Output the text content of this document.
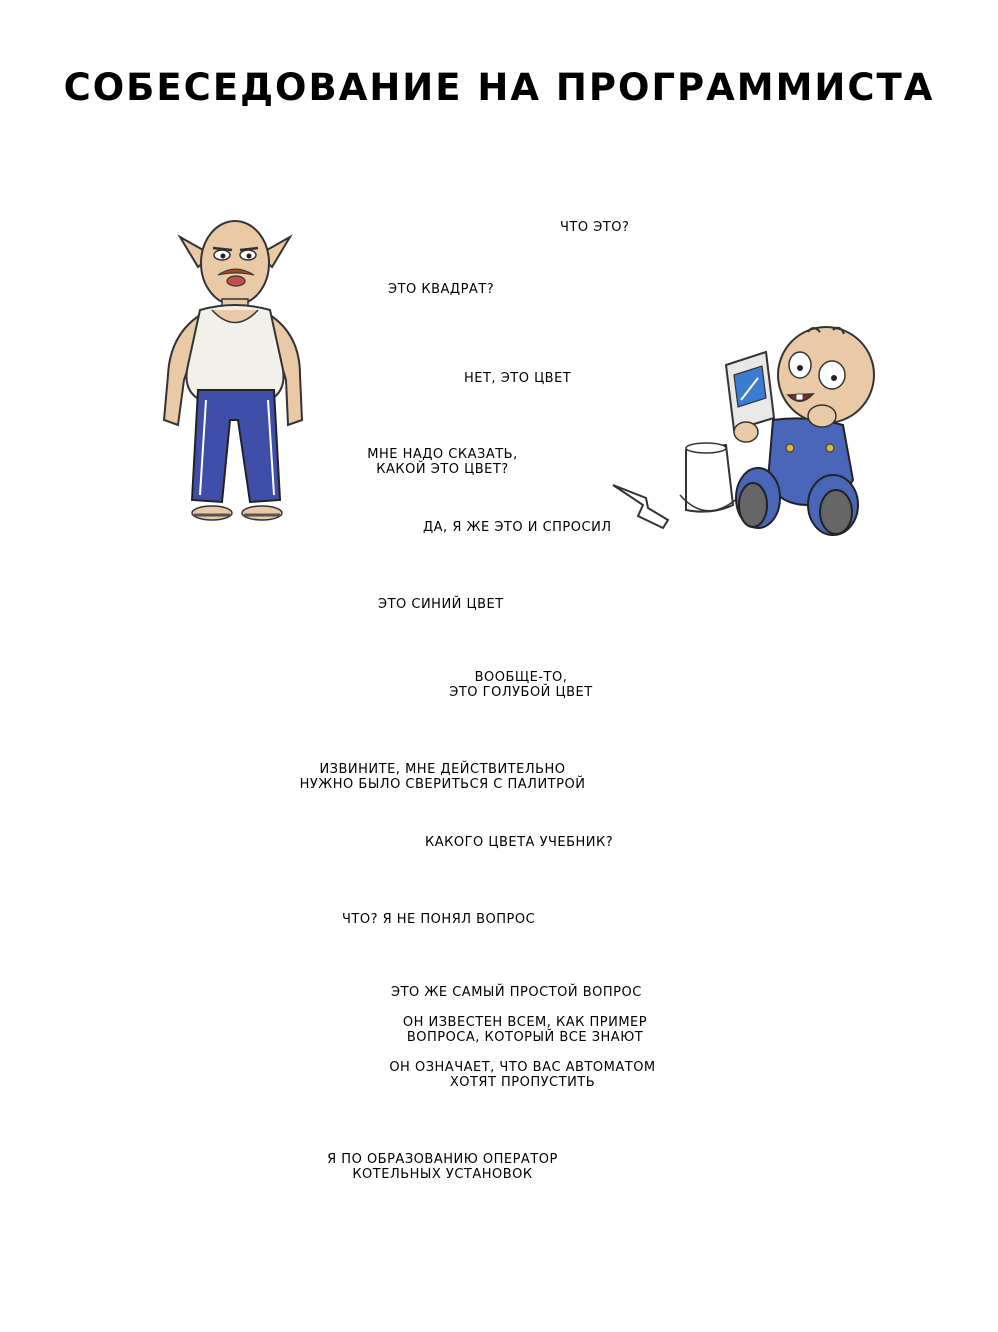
СОБЕСЕДОВАНИЕ НА ПРОГРАММИСТА
ЧТО ЭТО?
ЭТО КВАДРАТ?
НЕТ, ЭТО ЦВЕТ
МНЕ НАДО СКАЗАТЬ,
КАКОЙ ЭТО ЦВЕТ?
ДА, Я ЖЕ ЭТО И СПРОСИЛ
ЭТО СИНИЙ ЦВЕТ
ВООБЩЕ-ТО,
ЭТО ГОЛУБОЙ ЦВЕТ
ИЗВИНИТЕ, МНЕ ДЕЙСТВИТЕЛЬНО
НУЖНО БЫЛО СВЕРИТЬСЯ С ПАЛИТРОЙ
КАКОГО ЦВЕТА УЧЕБНИК?
ЧТО? Я НЕ ПОНЯЛ ВОПРОС
ЭТО ЖЕ САМЫЙ ПРОСТОЙ ВОПРОС
ОН ИЗВЕСТЕН ВСЕМ, КАК ПРИМЕР
ВОПРОСА, КОТОРЫЙ ВСЕ ЗНАЮТ
ОН ОЗНАЧАЕТ, ЧТО ВАС АВТОМАТОМ
ХОТЯТ ПРОПУСТИТЬ
Я ПО ОБРАЗОВАНИЮ ОПЕРАТОР
КОТЕЛЬНЫХ УСТАНОВОК
